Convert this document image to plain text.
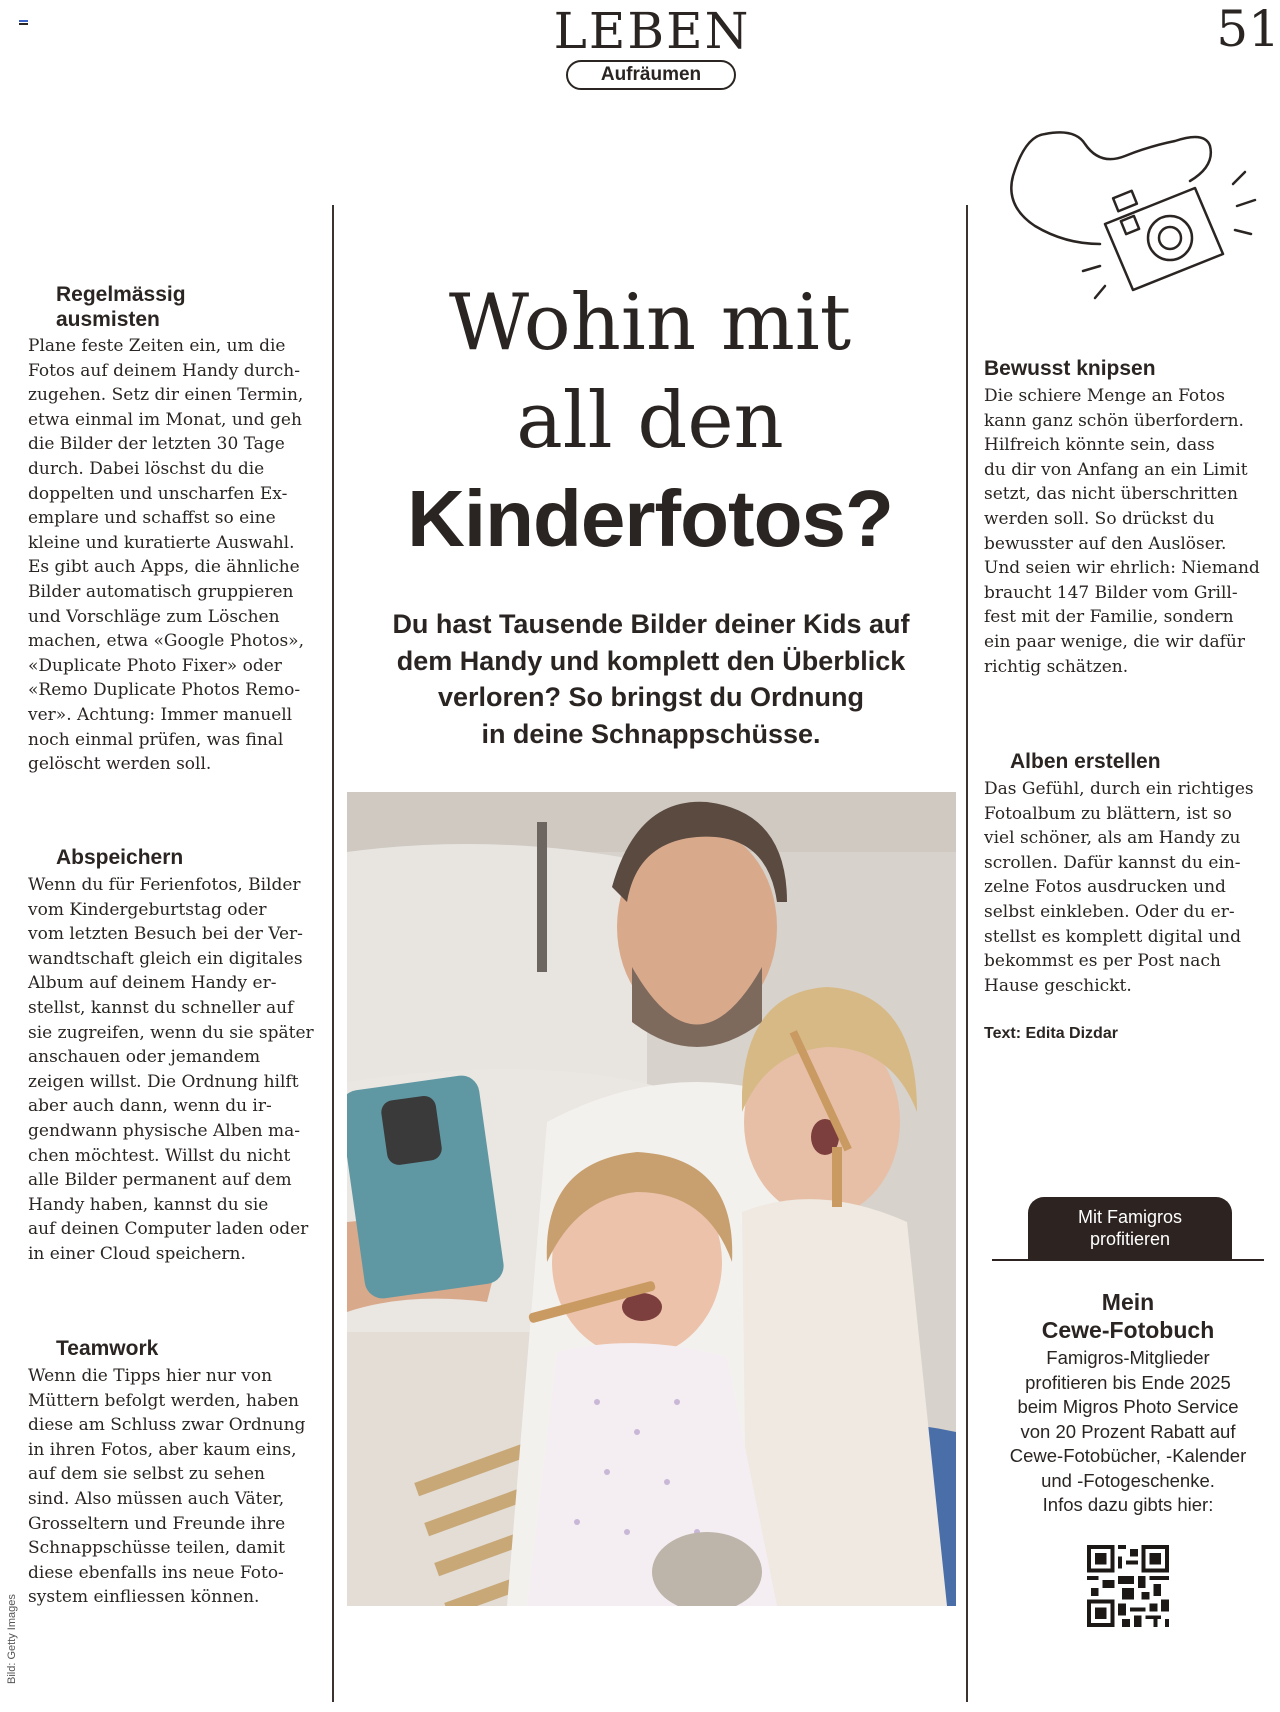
LEBEN
Aufräumen
51
Regelmässig
ausmisten
Plane feste Zeiten ein, um die
Fotos auf deinem Handy durch-
zugehen. Setz dir einen Termin,
etwa einmal im Monat, und geh
die Bilder der letzten 30 Tage
durch. Dabei löschst du die
doppelten und unscharfen Ex-
emplare und schaffst so eine
kleine und kuratierte Auswahl.
Es gibt auch Apps, die ähnliche
Bilder automatisch gruppieren
und Vorschläge zum Löschen
machen, etwa «Google Photos»,
«Duplicate Photo Fixer» oder
«Remo Duplicate Photos Remo-
ver». Achtung: Immer manuell
noch einmal prüfen, was final
gelöscht werden soll.
Abspeichern
Wenn du für Ferienfotos, Bilder
vom Kindergeburtstag oder
vom letzten Besuch bei der Ver-
wandtschaft gleich ein digitales
Album auf deinem Handy er-
stellst, kannst du schneller auf
sie zugreifen, wenn du sie später
anschauen oder jemandem
zeigen willst. Die Ordnung hilft
aber auch dann, wenn du ir-
gendwann physische Alben ma-
chen möchtest. Willst du nicht
alle Bilder permanent auf dem
Handy haben, kannst du sie
auf deinen Computer laden oder
in einer Cloud speichern.
Teamwork
Wenn die Tipps hier nur von
Müttern befolgt werden, haben
diese am Schluss zwar Ordnung
in ihren Fotos, aber kaum eins,
auf dem sie selbst zu sehen
sind. Also müssen auch Väter,
Grosseltern und Freunde ihre
Schnappschüsse teilen, damit
diese ebenfalls ins neue Foto-
system einfliessen können.
Bild: Getty Images
Wohin mit
all den
Kinderfotos?
Du hast Tausende Bilder deiner Kids auf
dem Handy und komplett den Überblick
verloren? So bringst du Ordnung
in deine Schnappschüsse.
Bewusst knipsen
Die schiere Menge an Fotos
kann ganz schön überfordern.
Hilfreich könnte sein, dass
du dir von Anfang an ein Limit
setzt, das nicht überschritten
werden soll. So drückst du
bewusster auf den Auslöser.
Und seien wir ehrlich: Niemand
braucht 147 Bilder vom Grill-
fest mit der Familie, sondern
ein paar wenige, die wir dafür
richtig schätzen.
Alben erstellen
Das Gefühl, durch ein richtiges
Fotoalbum zu blättern, ist so
viel schöner, als am Handy zu
scrollen. Dafür kannst du ein-
zelne Fotos ausdrucken und
selbst einkleben. Oder du er-
stellst es komplett digital und
bekommst es per Post nach
Hause geschickt.
Text: Edita Dizdar
Mit Famigros
profitieren
Mein
Cewe-Fotobuch
Famigros-Mitglieder
profitieren bis Ende 2025
beim Migros Photo Service
von 20 Prozent Rabatt auf
Cewe-Fotobücher, -Kalender
und -Fotogeschenke.
Infos dazu gibts hier:
